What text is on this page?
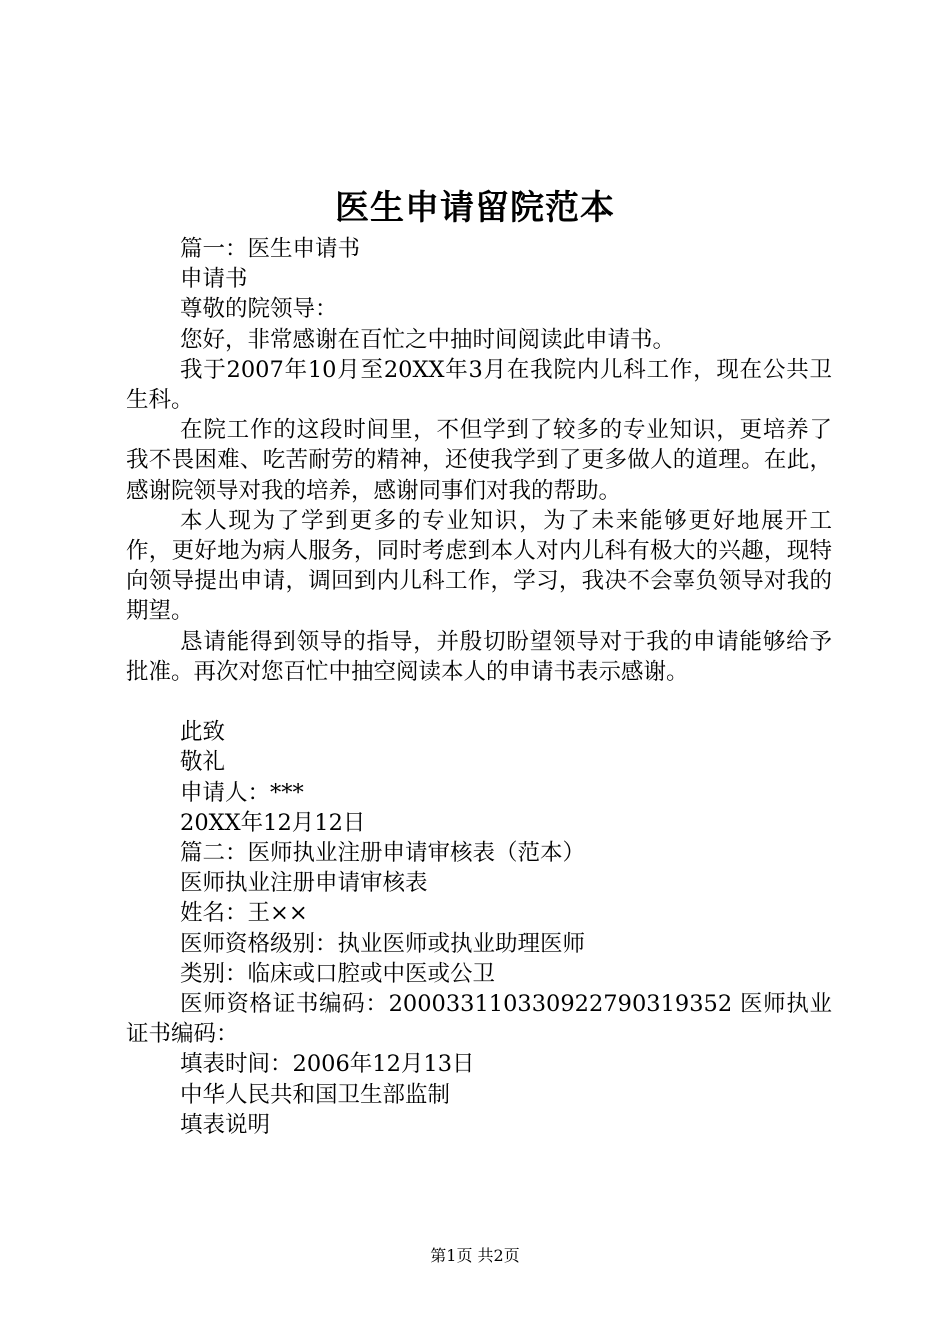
医生申请留院范本
篇一：医生申请书
申请书
尊敬的院领导：
您好，非常感谢在百忙之中抽时间阅读此申请书。

我于2007年10月至20XX年3月在我院内儿科工作，现在公共卫生科。

在院工作的这段时间里，不但学到了较多的专业知识，更培养了我不畏困难、吃苦耐劳的精神，还使我学到了更多做人的道理。在此，感谢院领导对我的培养，感谢同事们对我的帮助。

本人现为了学到更多的专业知识，为了未来能够更好地展开工作，更好地为病人服务，同时考虑到本人对内儿科有极大的兴趣，现特向领导提出申请，调回到内儿科工作，学习，我决不会辜负领导对我的期望。

恳请能得到领导的指导，并殷切盼望领导对于我的申请能够给予批准。再次对您百忙中抽空阅读本人的申请书表示感谢。

此致
敬礼
申请人：***
20XX年12月12日
篇二：医师执业注册申请审核表（范本）
医师执业注册申请审核表
姓名：王××
医师资格级别：执业医师或执业助理医师
类别：临床或口腔或中医或公卫

医师资格证书编码：20003311033092279031935​2 医师执业证书编码：

填表时间：2006年12月13日
中华人民共和国卫生部监制
填表说明
第1页 共2页
